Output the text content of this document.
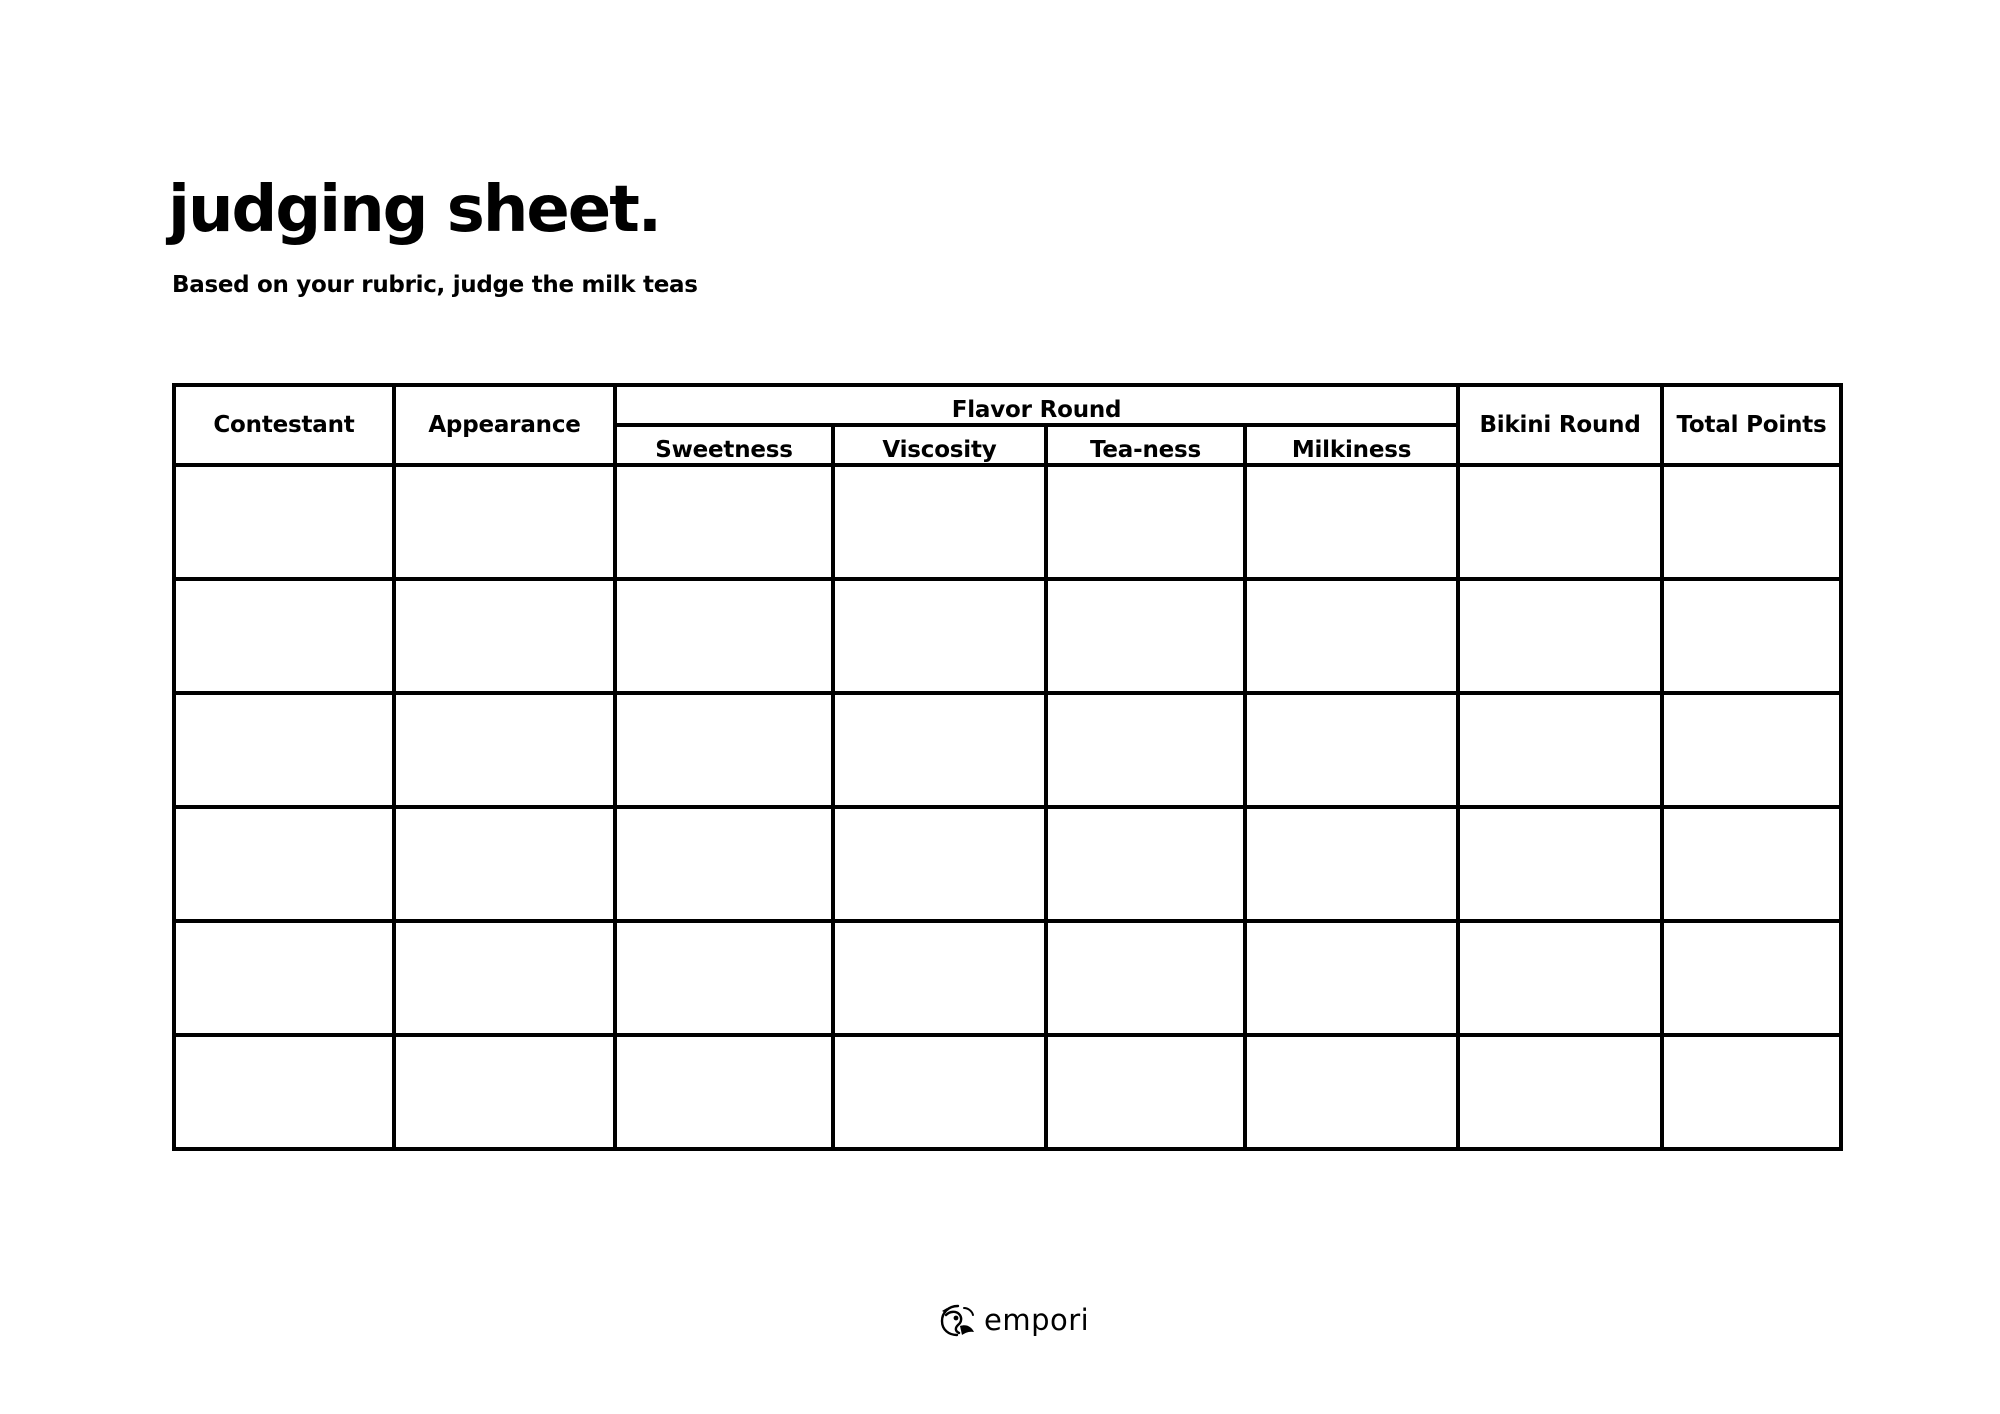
judging sheet.

Based on your rubric, judge the milk teas

Contestant	Appearance	Flavor Round				Bikini Round	Total Points
		Sweetness	Viscosity	Tea-ness	Milkiness		

empori
